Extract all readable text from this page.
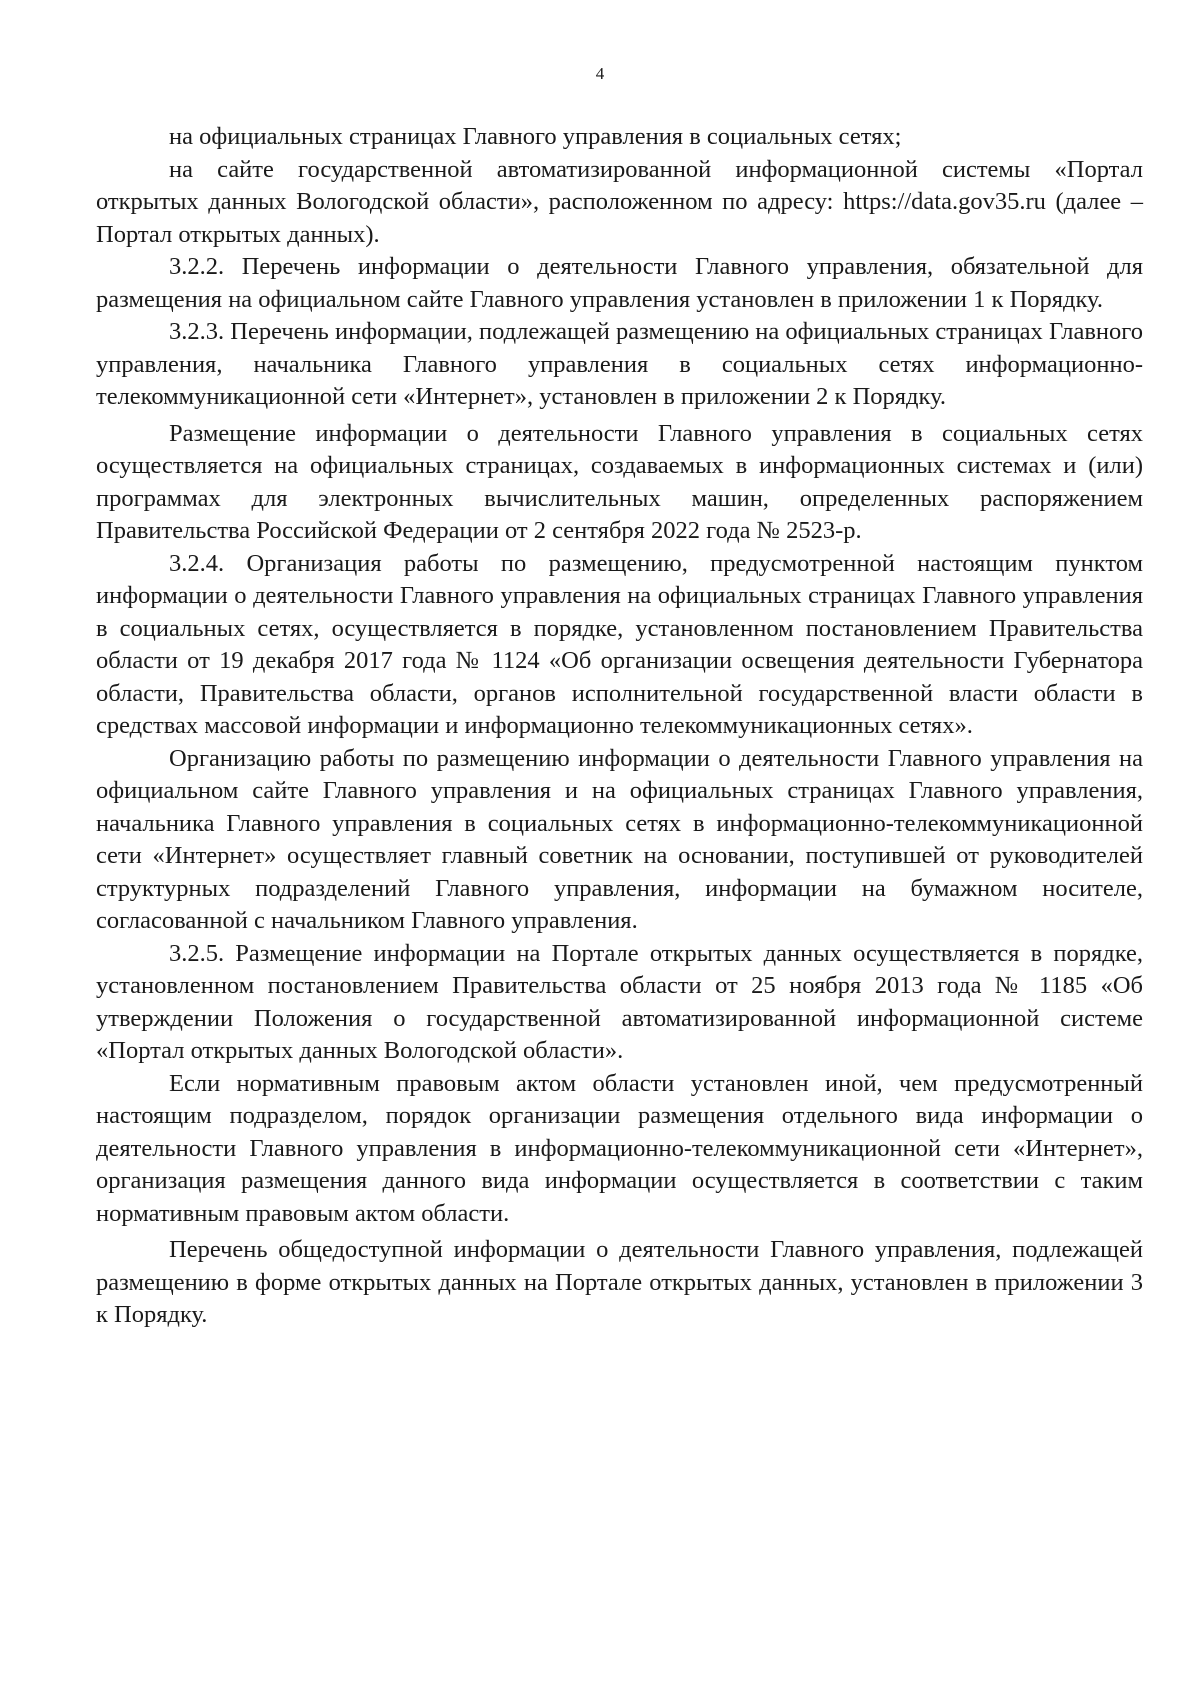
4

на официальных страницах Главного управления в социальных сетях;

на сайте государственной автоматизированной информационной системы «Портал открытых данных Вологодской области», расположенном по адресу: https://data.gov35.ru (далее – Портал открытых данных).

3.2.2. Перечень информации о деятельности Главного управления, обязательной для размещения на официальном сайте Главного управления установлен в приложении 1 к Порядку.

3.2.3. Перечень информации, подлежащей размещению на официальных страницах Главного управления, начальника Главного управления в социальных сетях информационно-телекоммуникационной сети «Интернет», установлен в приложении 2 к Порядку.

Размещение информации о деятельности Главного управления в социальных сетях осуществляется на официальных страницах, создаваемых в информационных системах и (или) программах для электронных вычислительных машин, определенных распоряжением Правительства Российской Федерации от 2 сентября 2022 года № 2523-р.

3.2.4. Организация работы по размещению, предусмотренной настоящим пунктом информации о деятельности Главного управления на официальных страницах Главного управления в социальных сетях, осуществляется в порядке, установленном постановлением Правительства области от 19 декабря 2017 года № 1124 «Об организации освещения деятельности Губернатора области, Правительства области, органов исполнительной государственной власти области в средствах массовой информации и информационно телекоммуникационных сетях».

Организацию работы по размещению информации о деятельности Главного управления на официальном сайте Главного управления и на официальных страницах Главного управления, начальника Главного управления в социальных сетях в информационно-телекоммуникационной сети «Интернет» осуществляет главный советник на основании, поступившей от руководителей структурных подразделений Главного управления, информации на бумажном носителе, согласованной с начальником Главного управления.

3.2.5. Размещение информации на Портале открытых данных осуществляется в порядке, установленном постановлением Правительства области от 25 ноября 2013 года № 1185 «Об утверждении Положения о государственной автоматизированной информационной системе «Портал открытых данных Вологодской области».

Если нормативным правовым актом области установлен иной, чем предусмотренный настоящим подразделом, порядок организации размещения отдельного вида информации о деятельности Главного управления в информационно-телекоммуникационной сети «Интернет», организация размещения данного вида информации осуществляется в соответствии с таким нормативным правовым актом области.

Перечень общедоступной информации о деятельности Главного управления, подлежащей размещению в форме открытых данных на Портале открытых данных, установлен в приложении 3 к Порядку.
